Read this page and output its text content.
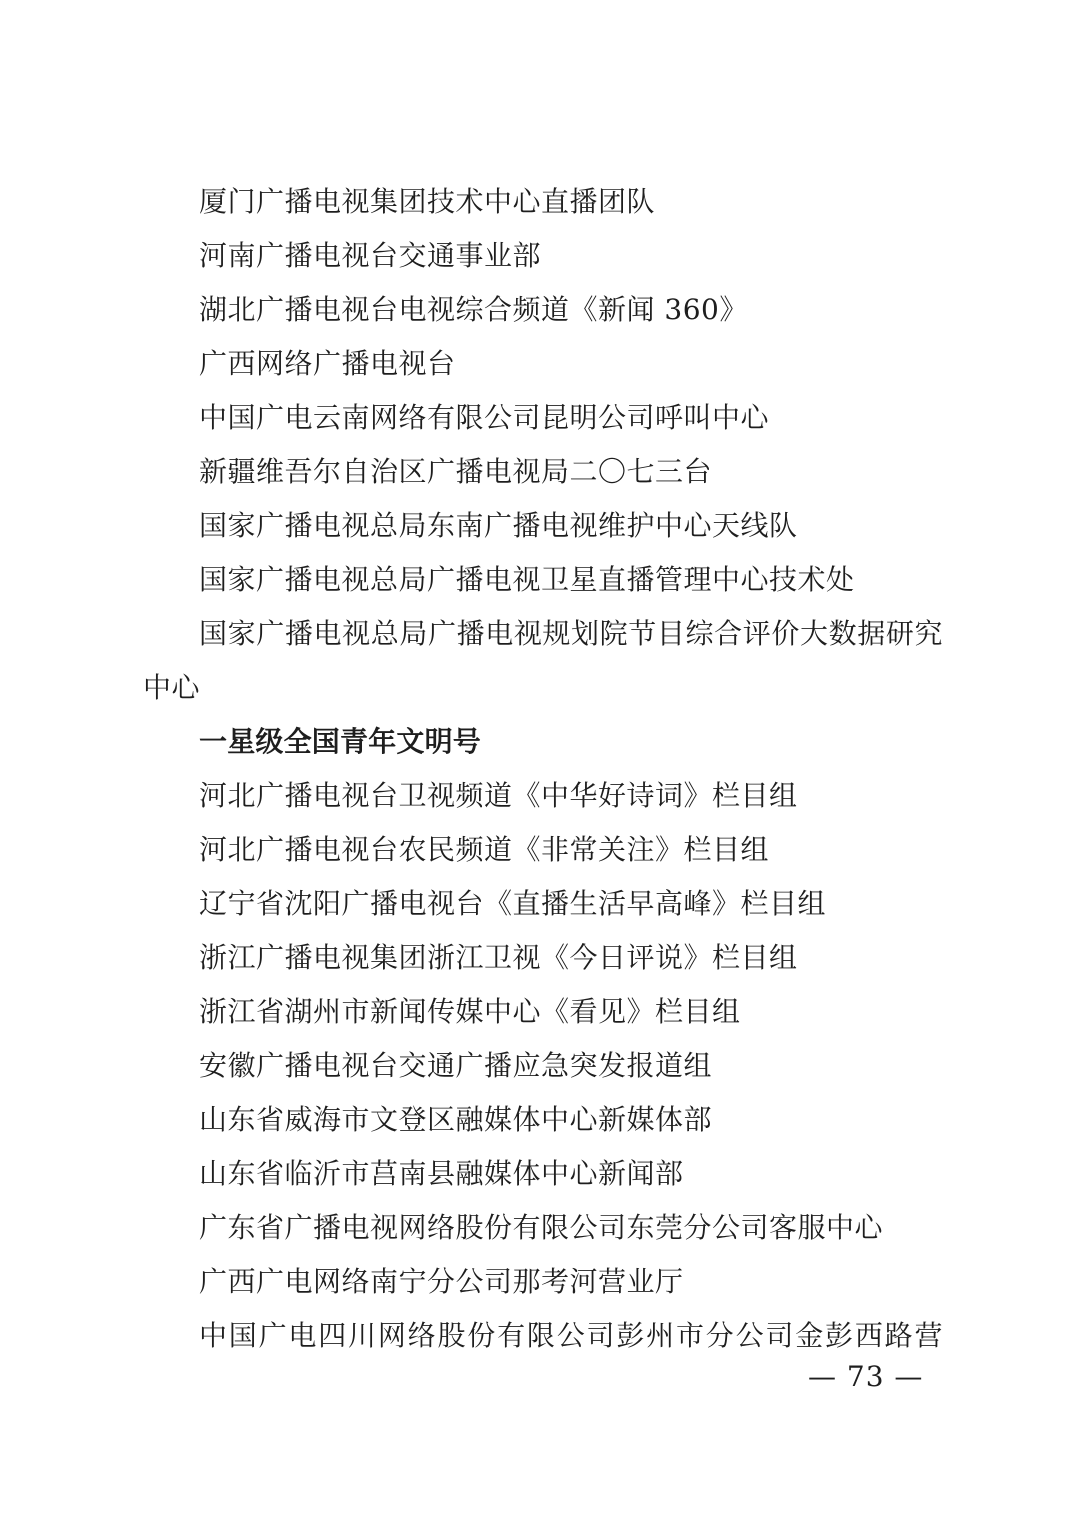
厦门广播电视集团技术中心直播团队
河南广播电视台交通事业部
湖北广播电视台电视综合频道《新闻 360》
广西网络广播电视台
中国广电云南网络有限公司昆明公司呼叫中心
新疆维吾尔自治区广播电视局二〇七三台
国家广播电视总局东南广播电视维护中心天线队
国家广播电视总局广播电视卫星直播管理中心技术处
国家广播电视总局广播电视规划院节目综合评价大数据研究
中心
一星级全国青年文明号
河北广播电视台卫视频道《中华好诗词》栏目组
河北广播电视台农民频道《非常关注》栏目组
辽宁省沈阳广播电视台《直播生活早高峰》栏目组
浙江广播电视集团浙江卫视《今日评说》栏目组
浙江省湖州市新闻传媒中心《看见》栏目组
安徽广播电视台交通广播应急突发报道组
山东省威海市文登区融媒体中心新媒体部
山东省临沂市莒南县融媒体中心新闻部
广东省广播电视网络股份有限公司东莞分公司客服中心
广西广电网络南宁分公司那考河营业厅
中国广电四川网络股份有限公司彭州市分公司金彭西路营
— 73 —
